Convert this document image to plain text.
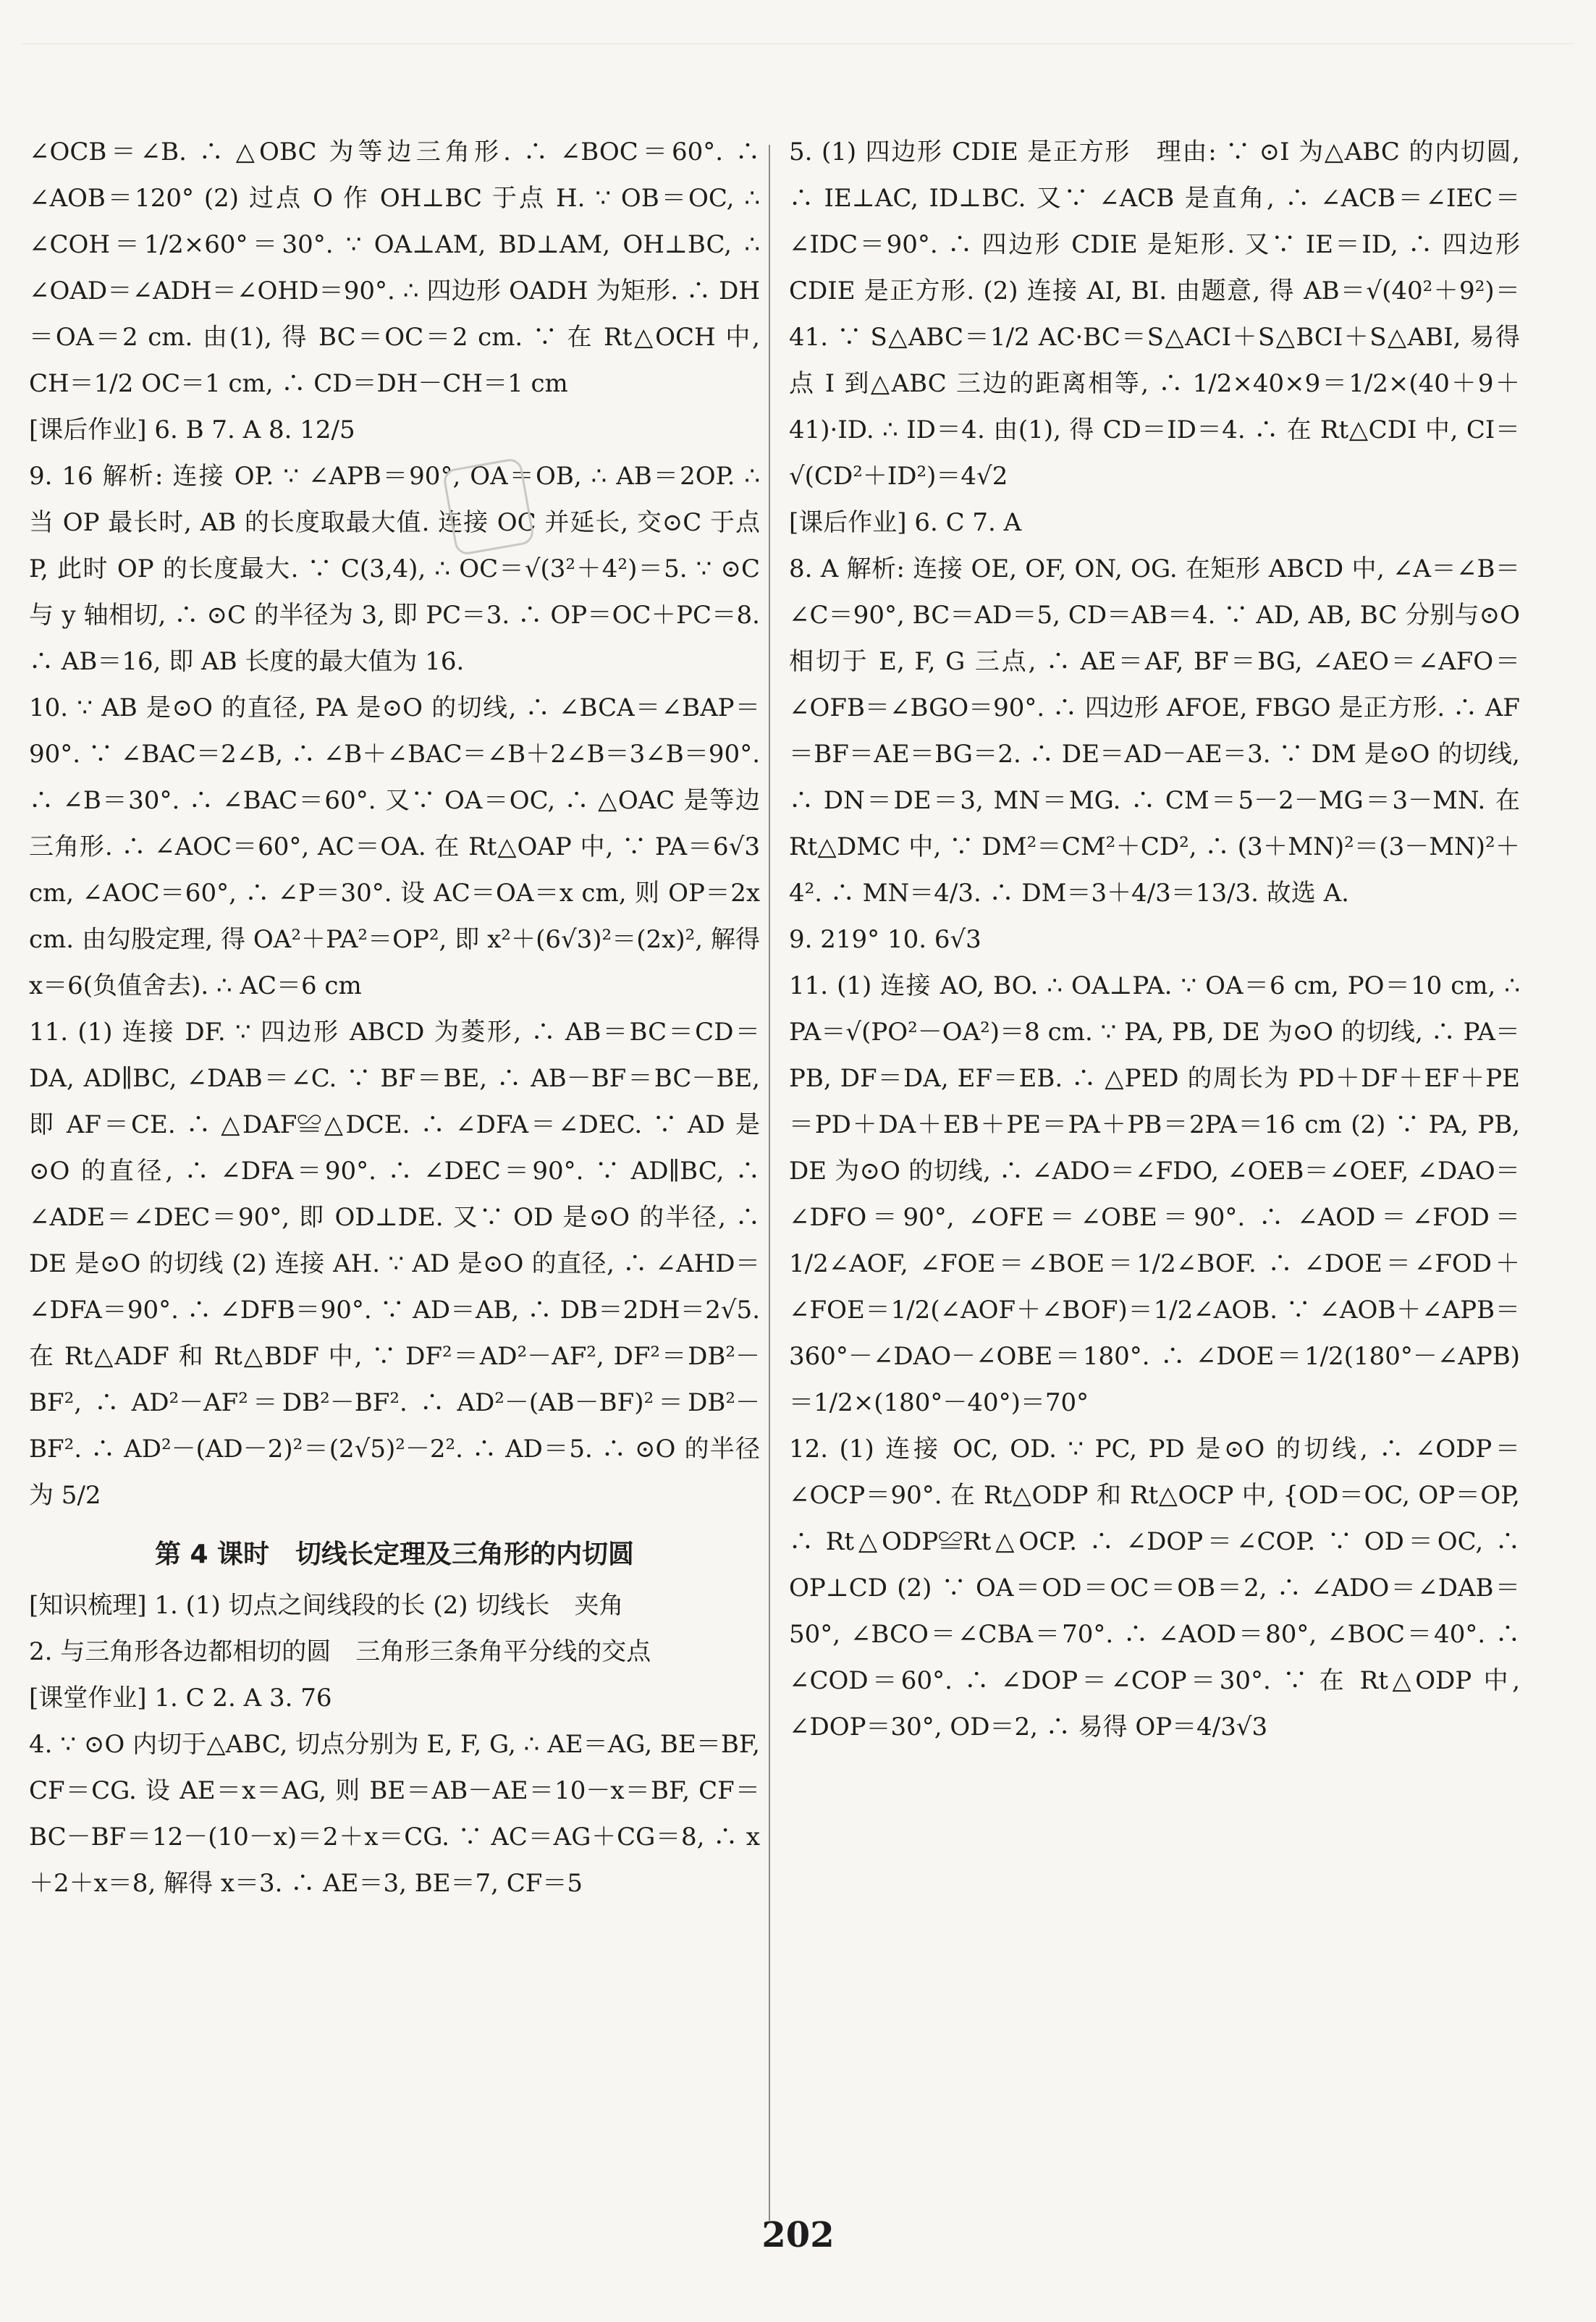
∠OCB＝∠B. ∴ △OBC 为等边三角形. ∴ ∠BOC＝60°. ∴ ∠AOB＝120° (2) 过点 O 作 OH⊥BC 于点 H. ∵ OB＝OC, ∴ ∠COH＝1/2×60°＝30°. ∵ OA⊥AM, BD⊥AM, OH⊥BC, ∴ ∠OAD＝∠ADH＝∠OHD＝90°. ∴ 四边形 OADH 为矩形. ∴ DH＝OA＝2 cm. 由(1), 得 BC＝OC＝2 cm. ∵ 在 Rt△OCH 中, CH＝1/2 OC＝1 cm, ∴ CD＝DH－CH＝1 cm

[课后作业] 6. B 7. A 8. 12/5

9. 16 解析: 连接 OP. ∵ ∠APB＝90°, OA＝OB, ∴ AB＝2OP. ∴ 当 OP 最长时, AB 的长度取最大值. 连接 OC 并延长, 交⊙C 于点 P, 此时 OP 的长度最大. ∵ C(3,4), ∴ OC＝√(3²＋4²)＝5. ∵ ⊙C 与 y 轴相切, ∴ ⊙C 的半径为 3, 即 PC＝3. ∴ OP＝OC＋PC＝8. ∴ AB＝16, 即 AB 长度的最大值为 16.

10. ∵ AB 是⊙O 的直径, PA 是⊙O 的切线, ∴ ∠BCA＝∠BAP＝90°. ∵ ∠BAC＝2∠B, ∴ ∠B＋∠BAC＝∠B＋2∠B＝3∠B＝90°. ∴ ∠B＝30°. ∴ ∠BAC＝60°. 又∵ OA＝OC, ∴ △OAC 是等边三角形. ∴ ∠AOC＝60°, AC＝OA. 在 Rt△OAP 中, ∵ PA＝6√3 cm, ∠AOC＝60°, ∴ ∠P＝30°. 设 AC＝OA＝x cm, 则 OP＝2x cm. 由勾股定理, 得 OA²＋PA²＝OP², 即 x²＋(6√3)²＝(2x)², 解得 x＝6(负值舍去). ∴ AC＝6 cm

11. (1) 连接 DF. ∵ 四边形 ABCD 为菱形, ∴ AB＝BC＝CD＝DA, AD∥BC, ∠DAB＝∠C. ∵ BF＝BE, ∴ AB－BF＝BC－BE, 即 AF＝CE. ∴ △DAF≌△DCE. ∴ ∠DFA＝∠DEC. ∵ AD 是⊙O 的直径, ∴ ∠DFA＝90°. ∴ ∠DEC＝90°. ∵ AD∥BC, ∴ ∠ADE＝∠DEC＝90°, 即 OD⊥DE. 又∵ OD 是⊙O 的半径, ∴ DE 是⊙O 的切线 (2) 连接 AH. ∵ AD 是⊙O 的直径, ∴ ∠AHD＝∠DFA＝90°. ∴ ∠DFB＝90°. ∵ AD＝AB, ∴ DB＝2DH＝2√5. 在 Rt△ADF 和 Rt△BDF 中, ∵ DF²＝AD²－AF², DF²＝DB²－BF², ∴ AD²－AF²＝DB²－BF². ∴ AD²－(AB－BF)²＝DB²－BF². ∴ AD²－(AD－2)²＝(2√5)²－2². ∴ AD＝5. ∴ ⊙O 的半径为 5/2

第 4 课时　切线长定理及三角形的内切圆

[知识梳理] 1. (1) 切点之间线段的长 (2) 切线长　夹角

2. 与三角形各边都相切的圆　三角形三条角平分线的交点

[课堂作业] 1. C 2. A 3. 76

4. ∵ ⊙O 内切于△ABC, 切点分别为 E, F, G, ∴ AE＝AG, BE＝BF, CF＝CG. 设 AE＝x＝AG, 则 BE＝AB－AE＝10－x＝BF, CF＝BC－BF＝12－(10－x)＝2＋x＝CG. ∵ AC＝AG＋CG＝8, ∴ x＋2＋x＝8, 解得 x＝3. ∴ AE＝3, BE＝7, CF＝5

5. (1) 四边形 CDIE 是正方形　理由: ∵ ⊙I 为△ABC 的内切圆, ∴ IE⊥AC, ID⊥BC. 又∵ ∠ACB 是直角, ∴ ∠ACB＝∠IEC＝∠IDC＝90°. ∴ 四边形 CDIE 是矩形. 又∵ IE＝ID, ∴ 四边形 CDIE 是正方形. (2) 连接 AI, BI. 由题意, 得 AB＝√(40²＋9²)＝41. ∵ S△ABC＝1/2 AC·BC＝S△ACI＋S△BCI＋S△ABI, 易得点 I 到△ABC 三边的距离相等, ∴ 1/2×40×9＝1/2×(40＋9＋41)·ID. ∴ ID＝4. 由(1), 得 CD＝ID＝4. ∴ 在 Rt△CDI 中, CI＝√(CD²＋ID²)＝4√2

[课后作业] 6. C 7. A

8. A 解析: 连接 OE, OF, ON, OG. 在矩形 ABCD 中, ∠A＝∠B＝∠C＝90°, BC＝AD＝5, CD＝AB＝4. ∵ AD, AB, BC 分别与⊙O 相切于 E, F, G 三点, ∴ AE＝AF, BF＝BG, ∠AEO＝∠AFO＝∠OFB＝∠BGO＝90°. ∴ 四边形 AFOE, FBGO 是正方形. ∴ AF＝BF＝AE＝BG＝2. ∴ DE＝AD－AE＝3. ∵ DM 是⊙O 的切线, ∴ DN＝DE＝3, MN＝MG. ∴ CM＝5－2－MG＝3－MN. 在 Rt△DMC 中, ∵ DM²＝CM²＋CD², ∴ (3＋MN)²＝(3－MN)²＋4². ∴ MN＝4/3. ∴ DM＝3＋4/3＝13/3. 故选 A.

9. 219° 10. 6√3

11. (1) 连接 AO, BO. ∴ OA⊥PA. ∵ OA＝6 cm, PO＝10 cm, ∴ PA＝√(PO²－OA²)＝8 cm. ∵ PA, PB, DE 为⊙O 的切线, ∴ PA＝PB, DF＝DA, EF＝EB. ∴ △PED 的周长为 PD＋DF＋EF＋PE＝PD＋DA＋EB＋PE＝PA＋PB＝2PA＝16 cm (2) ∵ PA, PB, DE 为⊙O 的切线, ∴ ∠ADO＝∠FDO, ∠OEB＝∠OEF, ∠DAO＝∠DFO＝90°, ∠OFE＝∠OBE＝90°. ∴ ∠AOD＝∠FOD＝1/2∠AOF, ∠FOE＝∠BOE＝1/2∠BOF. ∴ ∠DOE＝∠FOD＋∠FOE＝1/2(∠AOF＋∠BOF)＝1/2∠AOB. ∵ ∠AOB＋∠APB＝360°－∠DAO－∠OBE＝180°. ∴ ∠DOE＝1/2(180°－∠APB)＝1/2×(180°－40°)＝70°

12. (1) 连接 OC, OD. ∵ PC, PD 是⊙O 的切线, ∴ ∠ODP＝∠OCP＝90°. 在 Rt△ODP 和 Rt△OCP 中, {OD＝OC, OP＝OP, ∴ Rt△ODP≌Rt△OCP. ∴ ∠DOP＝∠COP. ∵ OD＝OC, ∴ OP⊥CD (2) ∵ OA＝OD＝OC＝OB＝2, ∴ ∠ADO＝∠DAB＝50°, ∠BCO＝∠CBA＝70°. ∴ ∠AOD＝80°, ∠BOC＝40°. ∴ ∠COD＝60°. ∴ ∠DOP＝∠COP＝30°. ∵ 在 Rt△ODP 中, ∠DOP＝30°, OD＝2, ∴ 易得 OP＝4/3√3

202
